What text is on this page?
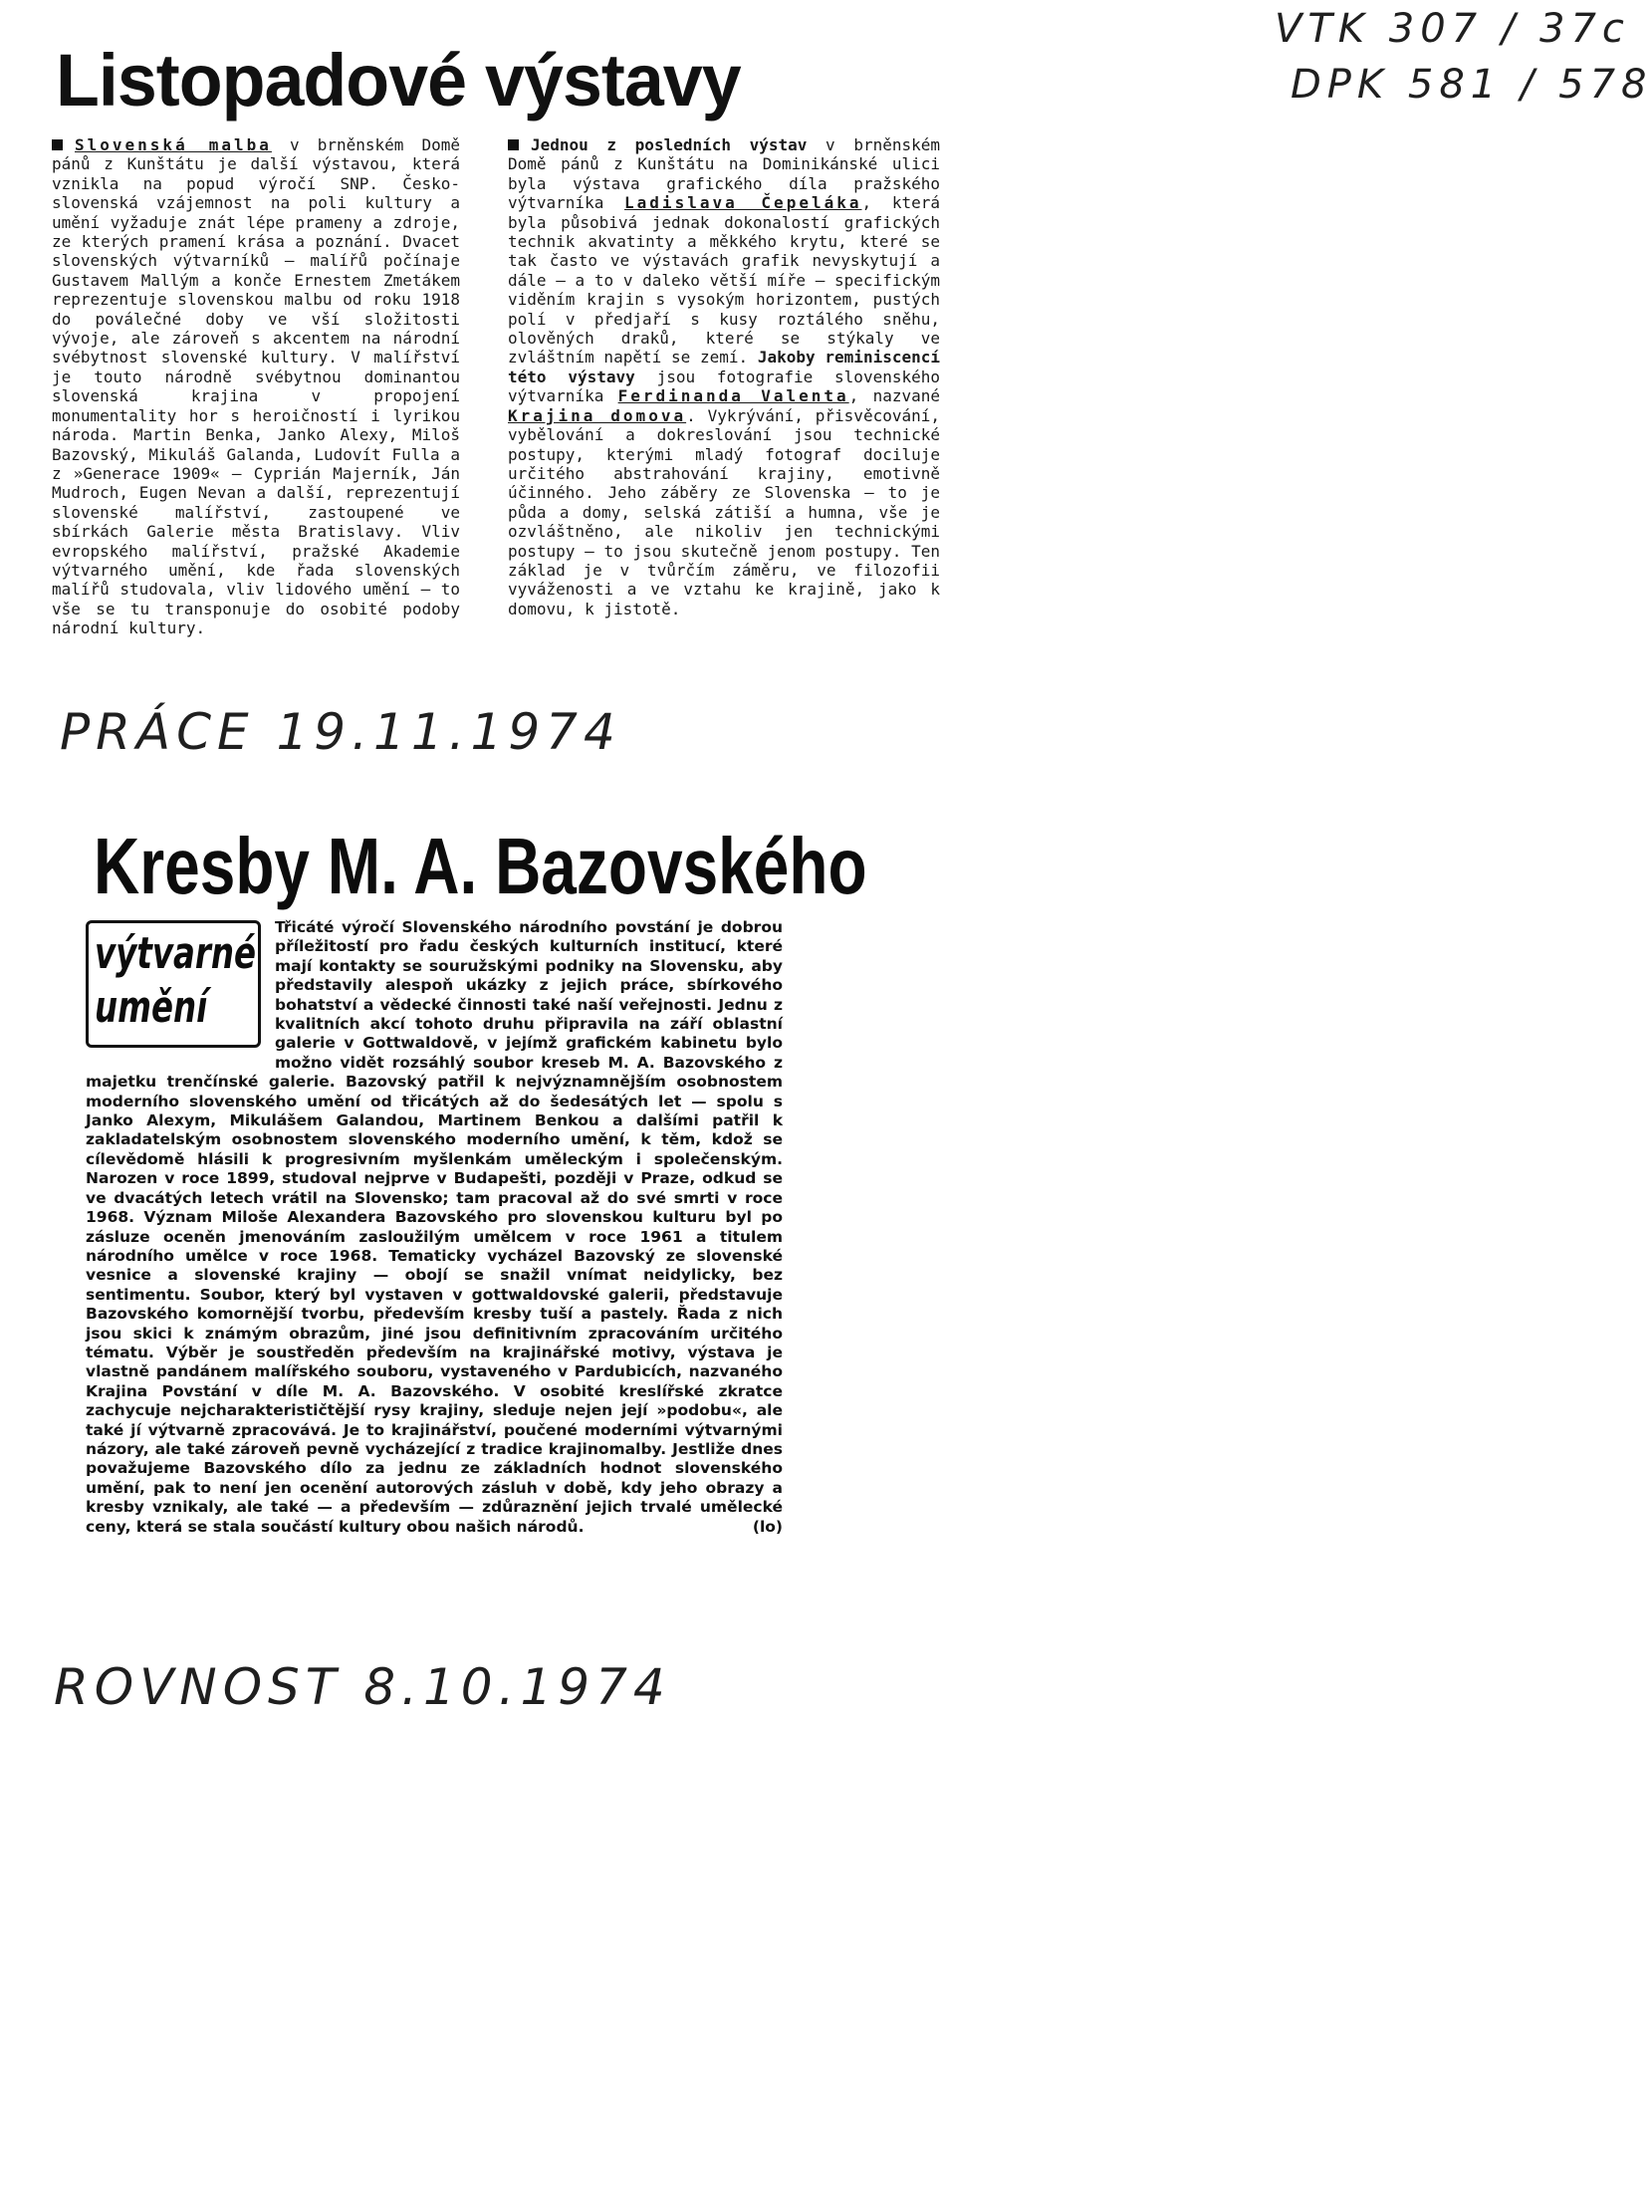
VTK 307 / 37c
DPK 581 / 578
Listopadové výstavy

Slovenská malba v brněnském Domě pánů z Kunštátu je další výstavou, která vznikla na popud výročí SNP. Česko-slovenská vzájemnost na poli kultury a umění vyžaduje znát lépe prameny a zdroje, ze kterých pramení krása a poznání. Dvacet slovenských výtvarníků — malířů počínaje Gustavem Mallým a konče Ernestem Zmetákem reprezentuje slovenskou malbu od roku 1918 do poválečné doby ve vší složitosti vývoje, ale zároveň s akcentem na národní svébytnost slovenské kultury. V malířství je touto národně svébytnou dominantou slovenská krajina v propojení monumentality hor s heroičností i lyrikou národa. Martin Benka, Janko Alexy, Miloš Bazovský, Mikuláš Galanda, Ludovít Fulla a z »Generace 1909« — Cyprián Majerník, Ján Mudroch, Eugen Nevan a další, reprezentují slovenské malířství, zastoupené ve sbírkách Galerie města Bratislavy. Vliv evropského malířství, pražské Akademie výtvarného umění, kde řada slovenských malířů studovala, vliv lidového umění — to vše se tu transponuje do osobité podoby národní kultury.

Jednou z posledních výstav v brněnském Domě pánů z Kunštátu na Dominikánské ulici byla výstava grafického díla pražského výtvarníka Ladislava Čepeláka, která byla působivá jednak dokonalostí grafických technik akvatinty a měkkého krytu, které se tak často ve výstavách grafik nevyskytují a dále — a to v daleko větší míře — specifickým viděním krajin s vysokým horizontem, pustých polí v předjaří s kusy roztálého sněhu, olověných draků, které se stýkaly ve zvláštním napětí se zemí. Jakoby reminiscencí této výstavy jsou fotografie slovenského výtvarníka Ferdinanda Valenta, nazvané Krajina domova. Vykrývání, přisvěcování, vybělování a dokreslování jsou technické postupy, kterými mladý fotograf dociluje určitého abstrahování krajiny, emotivně účinného. Jeho záběry ze Slovenska — to je půda a domy, selská zátiší a humna, vše je ozvláštněno, ale nikoliv jen technickými postupy — to jsou skutečně jenom postupy. Ten základ je v tvůrčím záměru, ve filozofii vyváženosti a ve vztahu ke krajině, jako k domovu, k jistotě.

PRÁCE 19.11.1974
Kresby M. A. Bazovského
výtvarné
umění
Třicáté výročí Slovenského národního povstání je dobrou příležitostí pro řadu českých kulturních institucí, které mají kontakty se souružskými podniky na Slovensku, aby představily alespoň ukázky z jejich práce, sbírkového bohatství a vědecké činnosti také naší veřejnosti. Jednu z kvalitních akcí tohoto druhu připravila na září oblastní galerie v Gottwaldově, v jejímž grafickém kabinetu bylo možno vidět rozsáhlý soubor kreseb M. A. Bazovského z majetku trenčínské galerie. Bazovský patřil k nejvýznamnějším osobnostem moderního slovenského umění od třicátých až do šedesátých let — spolu s Janko Alexym, Mikulášem Galandou, Martinem Benkou a dalšími patřil k zakladatelským osobnostem slovenského moderního umění, k těm, kdož se cílevědomě hlásili k progresivním myšlenkám uměleckým i společenským. Narozen v roce 1899, studoval nejprve v Budapešti, později v Praze, odkud se ve dvacátých letech vrátil na Slovensko; tam pracoval až do své smrti v roce 1968. Význam Miloše Alexandera Bazovského pro slovenskou kulturu byl po zásluze oceněn jmenováním zasloužilým umělcem v roce 1961 a titulem národního umělce v roce 1968. Tematicky vycházel Bazovský ze slovenské vesnice a slovenské krajiny — obojí se snažil vnímat neidylicky, bez sentimentu. Soubor, který byl vystaven v gottwaldovské galerii, představuje Bazovského komornější tvorbu, především kresby tuší a pastely. Řada z nich jsou skici k známým obrazům, jiné jsou definitivním zpracováním určitého tématu. Výběr je soustředěn především na krajinářské motivy, výstava je vlastně pandánem malířského souboru, vystaveného v Pardubicích, nazvaného Krajina Povstání v díle M. A. Bazovského. V osobité kreslířské zkratce zachycuje nejcharakterističtější rysy krajiny, sleduje nejen její »podobu«, ale také jí výtvarně zpracovává. Je to krajinářství, poučené moderními výtvarnými názory, ale také zároveň pevně vycházející z tradice krajinomalby. Jestliže dnes považujeme Bazovského dílo za jednu ze základních hodnot slovenského umění, pak to není jen ocenění autorových zásluh v době, kdy jeho obrazy a kresby vznikaly, ale také — a především — zdůraznění jejich trvalé umělecké ceny, která se stala součástí kultury obou našich národů.	(lo)
ROVNOST 8.10.1974
